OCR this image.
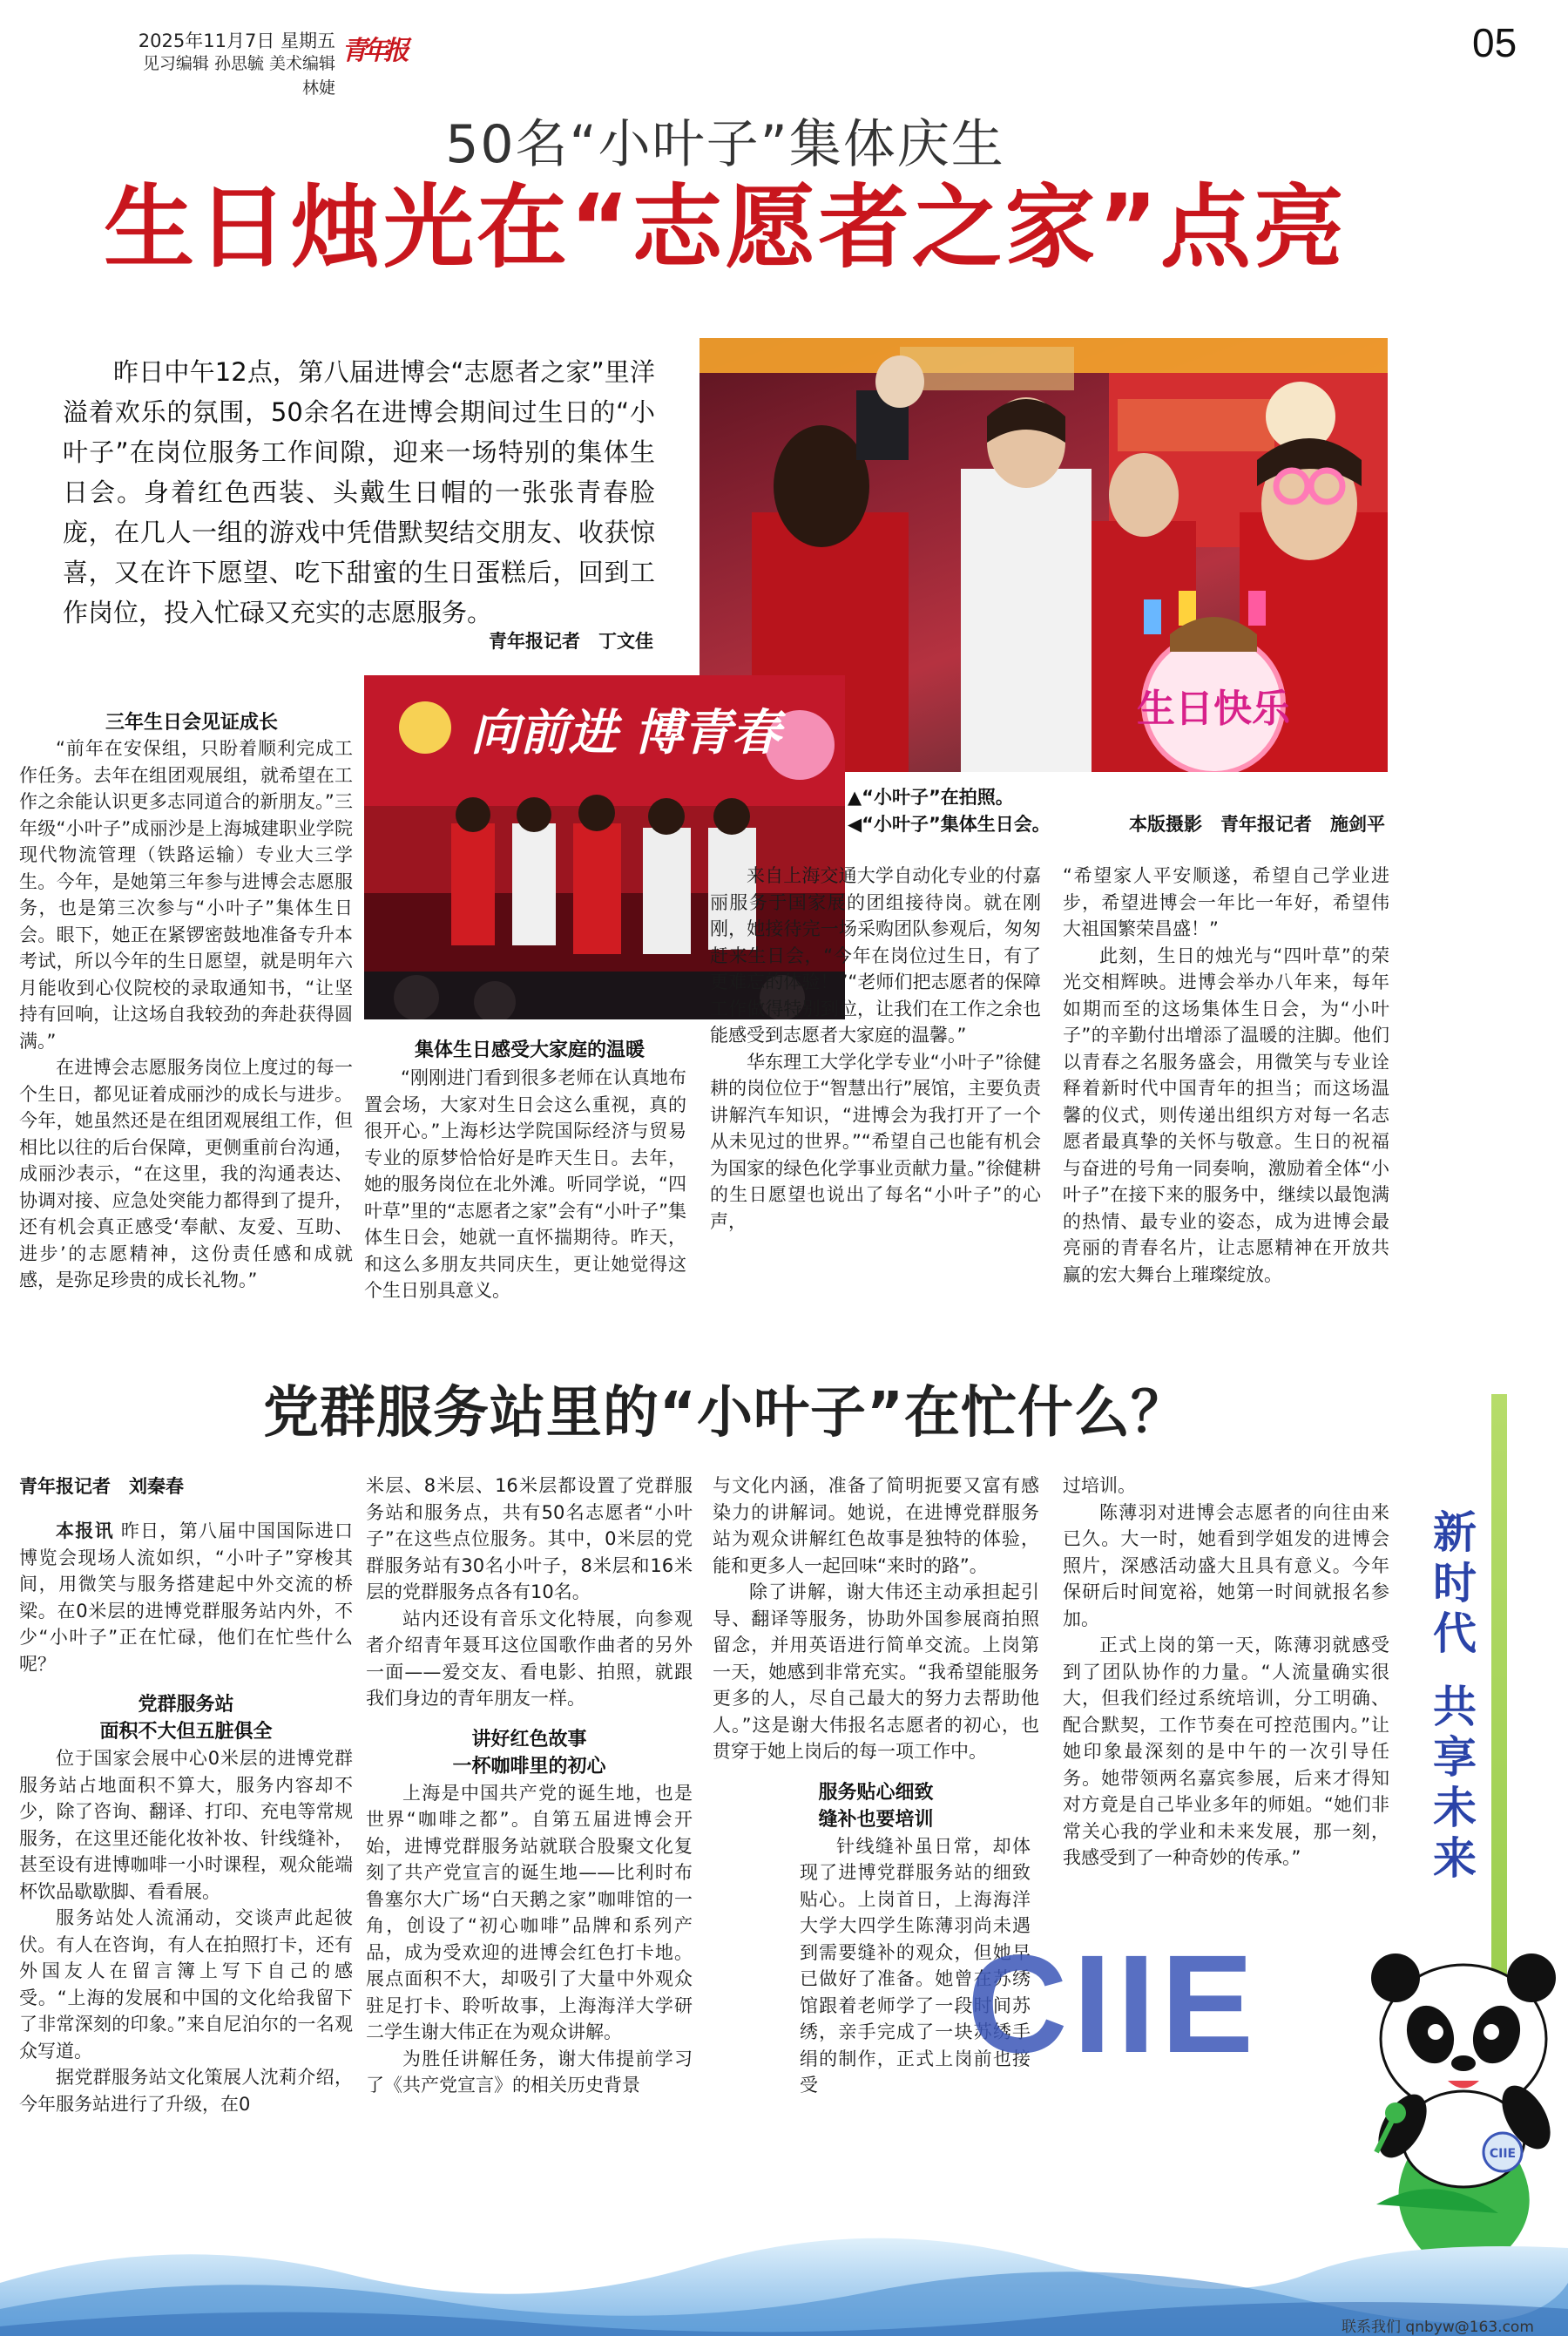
2025年11月7日 星期五
见习编辑 孙思毓 美术编辑 林婕
青年报	05
50名“小叶子”集体庆生
生日烛光在“志愿者之家”点亮
昨日中午12点，第八届进博会“志愿者之家”里洋溢着欢乐的氛围，50余名在进博会期间过生日的“小叶子”在岗位服务工作间隙，迎来一场特别的集体生日会。身着红色西装、头戴生日帽的一张张青春脸庞，在几人一组的游戏中凭借默契结交朋友、收获惊喜，又在许下愿望、吃下甜蜜的生日蛋糕后，回到工作岗位，投入忙碌又充实的志愿服务。
青年报记者　丁文佳
生日快乐
向前进 博青春
▲“小叶子”在拍照。
◀“小叶子”集体生日会。	本版摄影　青年报记者　施剑平
三年生日会见证成长

“前年在安保组，只盼着顺利完成工作任务。去年在组团观展组，就希望在工作之余能认识更多志同道合的新朋友。”三年级“小叶子”成丽沙是上海城建职业学院现代物流管理（铁路运输）专业大三学生。今年，是她第三年参与进博会志愿服务，也是第三次参与“小叶子”集体生日会。眼下，她正在紧锣密鼓地准备专升本考试，所以今年的生日愿望，就是明年六月能收到心仪院校的录取通知书，“让坚持有回响，让这场自我较劲的奔赴获得圆满。”

在进博会志愿服务岗位上度过的每一个生日，都见证着成丽沙的成长与进步。今年，她虽然还是在组团观展组工作，但相比以往的后台保障，更侧重前台沟通，成丽沙表示，“在这里，我的沟通表达、协调对接、应急处突能力都得到了提升，还有机会真正感受‘奉献、友爱、互助、进步’的志愿精神，这份责任感和成就感，是弥足珍贵的成长礼物。”

集体生日感受大家庭的温暖

“刚刚进门看到很多老师在认真地布置会场，大家对生日会这么重视，真的很开心。”上海杉达学院国际经济与贸易专业的原梦恰恰好是昨天生日。去年，她的服务岗位在北外滩。听同学说，“四叶草”里的“志愿者之家”会有“小叶子”集体生日会，她就一直怀揣期待。昨天，和这么多朋友共同庆生，更让她觉得这个生日别具意义。

来自上海交通大学自动化专业的付嘉丽服务于国家展的团组接待岗。就在刚刚，她接待完一场采购团队参观后，匆匆赶来生日会，“今年在岗位过生日，有了更难忘的体验！”“老师们把志愿者的保障工作做得特别到位，让我们在工作之余也能感受到志愿者大家庭的温馨。”

华东理工大学化学专业“小叶子”徐健耕的岗位位于“智慧出行”展馆，主要负责讲解汽车知识，“进博会为我打开了一个从未见过的世界。”“希望自己也能有机会为国家的绿色化学事业贡献力量。”徐健耕的生日愿望也说出了每名“小叶子”的心声，

“希望家人平安顺遂，希望自己学业进步，希望进博会一年比一年好，希望伟大祖国繁荣昌盛！”

此刻，生日的烛光与“四叶草”的荣光交相辉映。进博会举办八年来，每年如期而至的这场集体生日会，为“小叶子”的辛勤付出增添了温暖的注脚。他们以青春之名服务盛会，用微笑与专业诠释着新时代中国青年的担当；而这场温馨的仪式，则传递出组织方对每一名志愿者最真挚的关怀与敬意。生日的祝福与奋进的号角一同奏响，激励着全体“小叶子”在接下来的服务中，继续以最饱满的热情、最专业的姿态，成为进博会最亮丽的青春名片，让志愿精神在开放共赢的宏大舞台上璀璨绽放。

党群服务站里的“小叶子”在忙什么？
青年报记者　刘秦春

本报讯 昨日，第八届中国国际进口博览会现场人流如织，“小叶子”穿梭其间，用微笑与服务搭建起中外交流的桥梁。在0米层的进博党群服务站内外，不少“小叶子”正在忙碌，他们在忙些什么呢？

党群服务站
面积不大但五脏俱全

位于国家会展中心0米层的进博党群服务站占地面积不算大，服务内容却不少，除了咨询、翻译、打印、充电等常规服务，在这里还能化妆补妆、针线缝补，甚至设有进博咖啡一小时课程，观众能端杯饮品歇歇脚、看看展。

服务站处人流涌动，交谈声此起彼伏。有人在咨询，有人在拍照打卡，还有外国友人在留言簿上写下自己的感受。“上海的发展和中国的文化给我留下了非常深刻的印象。”来自尼泊尔的一名观众写道。

据党群服务站文化策展人沈莉介绍，今年服务站进行了升级，在0

米层、8米层、16米层都设置了党群服务站和服务点，共有50名志愿者“小叶子”在这些点位服务。其中，0米层的党群服务站有30名小叶子，8米层和16米层的党群服务点各有10名。

站内还设有音乐文化特展，向参观者介绍青年聂耳这位国歌作曲者的另外一面——爱交友、看电影、拍照，就跟我们身边的青年朋友一样。

讲好红色故事
一杯咖啡里的初心

上海是中国共产党的诞生地，也是世界“咖啡之都”。自第五届进博会开始，进博党群服务站就联合股聚文化复刻了共产党宣言的诞生地——比利时布鲁塞尔大广场“白天鹅之家”咖啡馆的一角，创设了“初心咖啡”品牌和系列产品，成为受欢迎的进博会红色打卡地。展点面积不大，却吸引了大量中外观众驻足打卡、聆听故事，上海海洋大学研二学生谢大伟正在为观众讲解。

为胜任讲解任务，谢大伟提前学习了《共产党宣言》的相关历史背景

与文化内涵，准备了简明扼要又富有感染力的讲解词。她说，在进博党群服务站为观众讲解红色故事是独特的体验，能和更多人一起回味“来时的路”。

除了讲解，谢大伟还主动承担起引导、翻译等服务，协助外国参展商拍照留念，并用英语进行简单交流。上岗第一天，她感到非常充实。“我希望能服务更多的人，尽自己最大的努力去帮助他人。”这是谢大伟报名志愿者的初心，也贯穿于她上岗后的每一项工作中。

服务贴心细致
缝补也要培训

针线缝补虽日常，却体现了进博党群服务站的细致贴心。上岗首日，上海海洋大学大四学生陈薄羽尚未遇到需要缝补的观众，但她早已做好了准备。她曾在苏绣馆跟着老师学了一段时间苏绣，亲手完成了一块苏绣手绢的制作，正式上岗前也接受

过培训。

陈薄羽对进博会志愿者的向往由来已久。大一时，她看到学姐发的进博会照片，深感活动盛大且具有意义。今年保研后时间宽裕，她第一时间就报名参加。

正式上岗的第一天，陈薄羽就感受到了团队协作的力量。“人流量确实很大，但我们经过系统培训，分工明确、配合默契，工作节奏在可控范围内。”让她印象最深刻的是中午的一次引导任务。她带领两名嘉宾参展，后来才得知对方竟是自己毕业多年的师姐。“她们非常关心我的学业和未来发展，那一刻，我感受到了一种奇妙的传承。”

新时代
共享未来
CIIE
CIIE
联系我们 qnbyw@163.com
